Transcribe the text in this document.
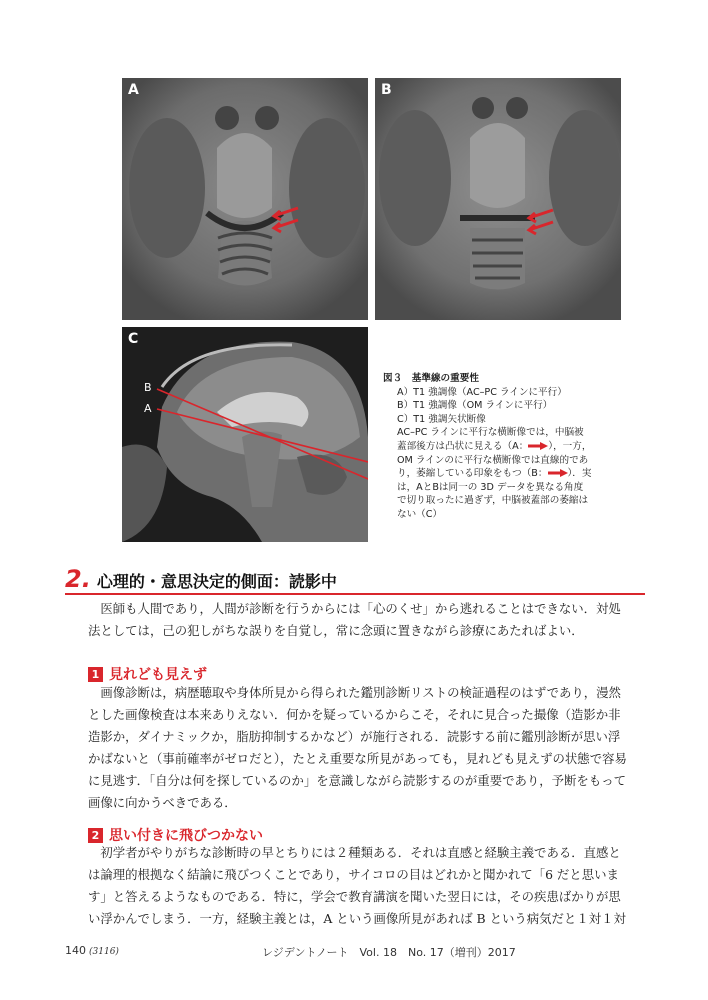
A	B
C
B
A
図３　基準線の重要性
A）T1 強調像（AC–PC ラインに平行）
B）T1 強調像（OM ラインに平行）
C）T1 強調矢状断像
AC–PC ラインに平行な横断像では，中脳被
蓋部後方は凸状に見える（A： ），一方，
OM ラインのに平行な横断像では直線的であ
り，萎縮している印象をもつ（B： ）．実
は，AとBは同一の 3D データを異なる角度
で切り取ったに過ぎず，中脳被蓋部の萎縮は
ない（C）
2. 心理的・意思決定的側面：読影中
　医師も人間であり，人間が診断を行うからには「心のくせ」から逃れることはできない．対処
法としては，己の犯しがちな誤りを自覚し，常に念頭に置きながら診療にあたればよい．
1 見れども見えず
　画像診断は，病歴聴取や身体所見から得られた鑑別診断リストの検証過程のはずであり，漫然
とした画像検査は本来ありえない．何かを疑っているからこそ，それに見合った撮像（造影か非
造影か，ダイナミックか，脂肪抑制するかなど）が施行される．読影する前に鑑別診断が思い浮
かばないと（事前確率がゼロだと），たとえ重要な所見があっても，見れども見えずの状態で容易
に見逃す．「自分は何を探しているのか」を意識しながら読影するのが重要であり，予断をもって
画像に向かうべきである．
2 思い付きに飛びつかない
　初学者がやりがちな診断時の早とちりには２種類ある．それは直感と経験主義である．直感と
は論理的根拠なく結論に飛びつくことであり，サイコロの目はどれかと聞かれて「6 だと思いま
す」と答えるようなものである．特に，学会で教育講演を聞いた翌日には，その疾患ばかりが思
い浮かんでしまう．一方，経験主義とは，A という画像所見があれば B という病気だと１対１対
140 (3116)	レジデントノート　Vol. 18　No. 17（増刊）2017
